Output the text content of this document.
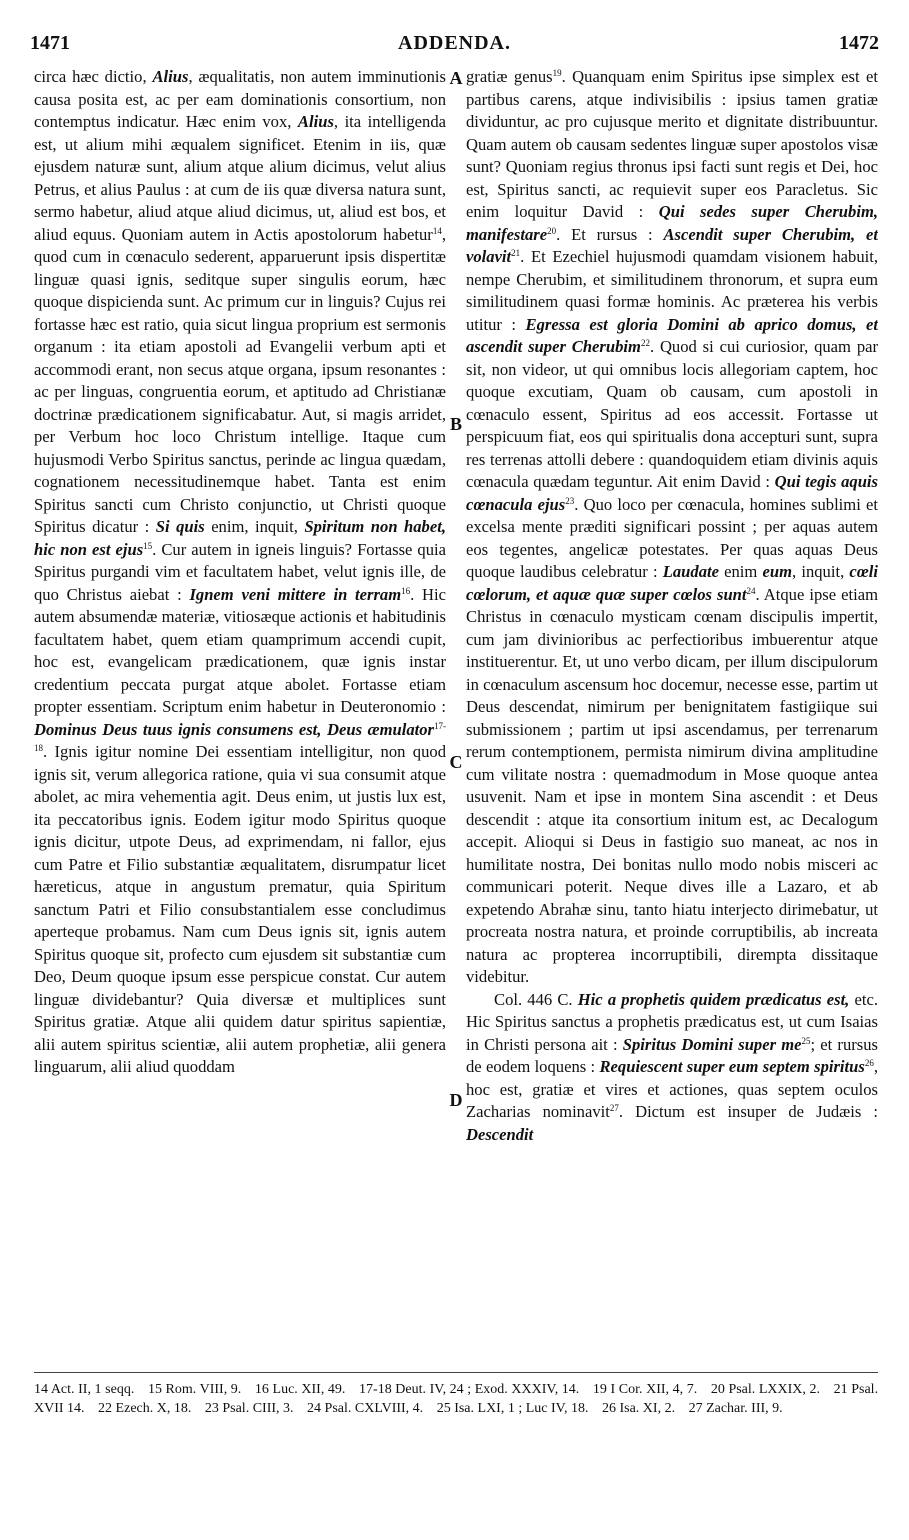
1471	ADDENDA.	1472

circa hæc dictio, Alius, æqualitatis, non autem imminutionis causa posita est, ac per eam dominationis consortium, non contemptus indicatur. Hæc enim vox, Alius, ita intelligenda est, ut alium mihi æqualem significet. Etenim in iis, quæ ejusdem naturæ sunt, alium atque alium dicimus, velut alius Petrus, et alius Paulus : at cum de iis quæ diversa natura sunt, sermo habetur, aliud atque aliud dicimus, ut, aliud est bos, et aliud equus. Quoniam autem in Actis apostolorum habetur$^{14}$, quod cum in cœnaculo sederent, apparuerunt ipsis dispertitæ linguæ quasi ignis, seditque super singulis eorum, hæc quoque dispicienda sunt. Ac primum cur in linguis? Cujus rei fortasse hæc est ratio, quia sicut lingua proprium est sermonis organum : ita etiam apostoli ad Evangelii verbum apti et accommodi erant, non secus atque organa, ipsum resonantes : ac per linguas, congruentia eorum, et aptitudo ad Christianæ doctrinæ prædicationem significabatur. Aut, si magis arridet, per Verbum hoc loco Christum intellige. Itaque cum hujusmodi Verbo Spiritus sanctus, perinde ac lingua quædam, cognationem necessitudinemque habet. Tanta est enim Spiritus sancti cum Christo conjunctio, ut Christi quoque Spiritus dicatur : Si quis enim, inquit, Spiritum non habet, hic non est ejus$^{15}$. Cur autem in igneis linguis? Fortasse quia Spiritus purgandi vim et facultatem habet, velut ignis ille, de quo Christus aiebat : Ignem veni mittere in terram$^{16}$. Hic autem absumendæ materiæ, vitiosæque actionis et habitudinis facultatem habet, quem etiam quamprimum accendi cupit, hoc est, evangelicam prædicationem, quæ ignis instar credentium peccata purgat atque abolet. Fortasse etiam propter essentiam. Scriptum enim habetur in Deuteronomio : Dominus Deus tuus ignis consumens est, Deus æmulator$^{17-18}$. Ignis igitur nomine Dei essentiam intelligitur, non quod ignis sit, verum allegorica ratione, quia vi sua consumit atque abolet, ac mira vehementia agit. Deus enim, ut justis lux est, ita peccatoribus ignis. Eodem igitur modo Spiritus quoque ignis dicitur, utpote Deus, ad exprimendam, ni fallor, ejus cum Patre et Filio substantiæ æqualitatem, disrumpatur licet hæreticus, atque in angustum prematur, quia Spiritum sanctum Patri et Filio consubstantialem esse concludimus aperteque probamus. Nam cum Deus ignis sit, ignis autem Spiritus quoque sit, profecto cum ejusdem sit substantiæ cum Deo, Deum quoque ipsum esse perspicue constat. Cur autem linguæ dividebantur? Quia diversæ et multiplices sunt Spiritus gratiæ. Atque alii quidem datur spiritus sapientiæ, alii autem spiritus scientiæ, alii autem prophetiæ, alii genera linguarum, alii aliud quoddam

A
B
C
D

gratiæ genus$^{19}$. Quanquam enim Spiritus ipse simplex est et partibus carens, atque indivisibilis : ipsius tamen gratiæ dividuntur, ac pro cujusque merito et dignitate distribuuntur. Quam autem ob causam sedentes linguæ super apostolos visæ sunt? Quoniam regius thronus ipsi facti sunt regis et Dei, hoc est, Spiritus sancti, ac requievit super eos Paracletus. Sic enim loquitur David : Qui sedes super Cherubim, manifestare$^{20}$. Et rursus : Ascendit super Cherubim, et volavit$^{21}$. Et Ezechiel hujusmodi quamdam visionem habuit, nempe Cherubim, et similitudinem thronorum, et supra eum similitudinem quasi formæ hominis. Ac præterea his verbis utitur : Egressa est gloria Domini ab aprico domus, et ascendit super Cherubim$^{22}$. Quod si cui curiosior, quam par sit, non videor, ut qui omnibus locis allegoriam captem, hoc quoque excutiam, Quam ob causam, cum apostoli in cœnaculo essent, Spiritus ad eos accessit. Fortasse ut perspicuum fiat, eos qui spiritualis dona accepturi sunt, supra res terrenas attolli debere : quandoquidem etiam divinis aquis cœnacula quædam teguntur. Ait enim David : Qui tegis aquis cœnacula ejus$^{23}$. Quo loco per cœnacula, homines sublimi et excelsa mente præditi significari possint ; per aquas autem eos tegentes, angelicæ potestates. Per quas aquas Deus quoque laudibus celebratur : Laudate enim eum, inquit, cœli cœlorum, et aquæ quæ super cœlos sunt$^{24}$. Atque ipse etiam Christus in cœnaculo mysticam cœnam discipulis impertit, cum jam divinioribus ac perfectioribus imbuerentur atque instituerentur. Et, ut uno verbo dicam, per illum discipulorum in cœnaculum ascensum hoc docemur, necesse esse, partim ut Deus descendat, nimirum per benignitatem fastigiique sui submissionem ; partim ut ipsi ascendamus, per terrenarum rerum contemptionem, permista nimirum divina amplitudine cum vilitate nostra : quemadmodum in Mose quoque antea usuvenit. Nam et ipse in montem Sina ascendit : et Deus descendit : atque ita consortium initum est, ac Decalogum accepit. Alioqui si Deus in fastigio suo maneat, ac nos in humilitate nostra, Dei bonitas nullo modo nobis misceri ac communicari poterit. Neque dives ille a Lazaro, et ab expetendo Abrahæ sinu, tanto hiatu interjecto dirimebatur, ut procreata nostra natura, et proinde corruptibilis, ab increata natura ac propterea incorruptibili, dirempta dissitaque videbitur.

Col. 446 C. Hic a prophetis quidem prædicatus est, etc. Hic Spiritus sanctus a prophetis prædicatus est, ut cum Isaias in Christi persona ait : Spiritus Domini super $me^{25}$; et rursus de eodem loquens : Requiescent super eum septem spiritus$^{26}$, hoc est, gratiæ et vires et actiones, quas septem oculos Zacharias nominavit$^{27}$. Dictum est insuper de Judæis : Descendit

14 Act. II, 1 seqq. 15 Rom. VIII, 9. 16 Luc. XII, 49. 17-18 Deut. IV, 24 ; Exod. XXXIV, 14. 19 I Cor. XII, 4, 7. 20 Psal. LXXIX, 2. 21 Psal. XVII 14. 22 Ezech. X, 18. 23 Psal. CIII, 3. 24 Psal. CXLVIII, 4. 25 Isa. LXI, 1 ; Luc IV, 18. 26 Isa. XI, 2. 27 Zachar. III, 9.
